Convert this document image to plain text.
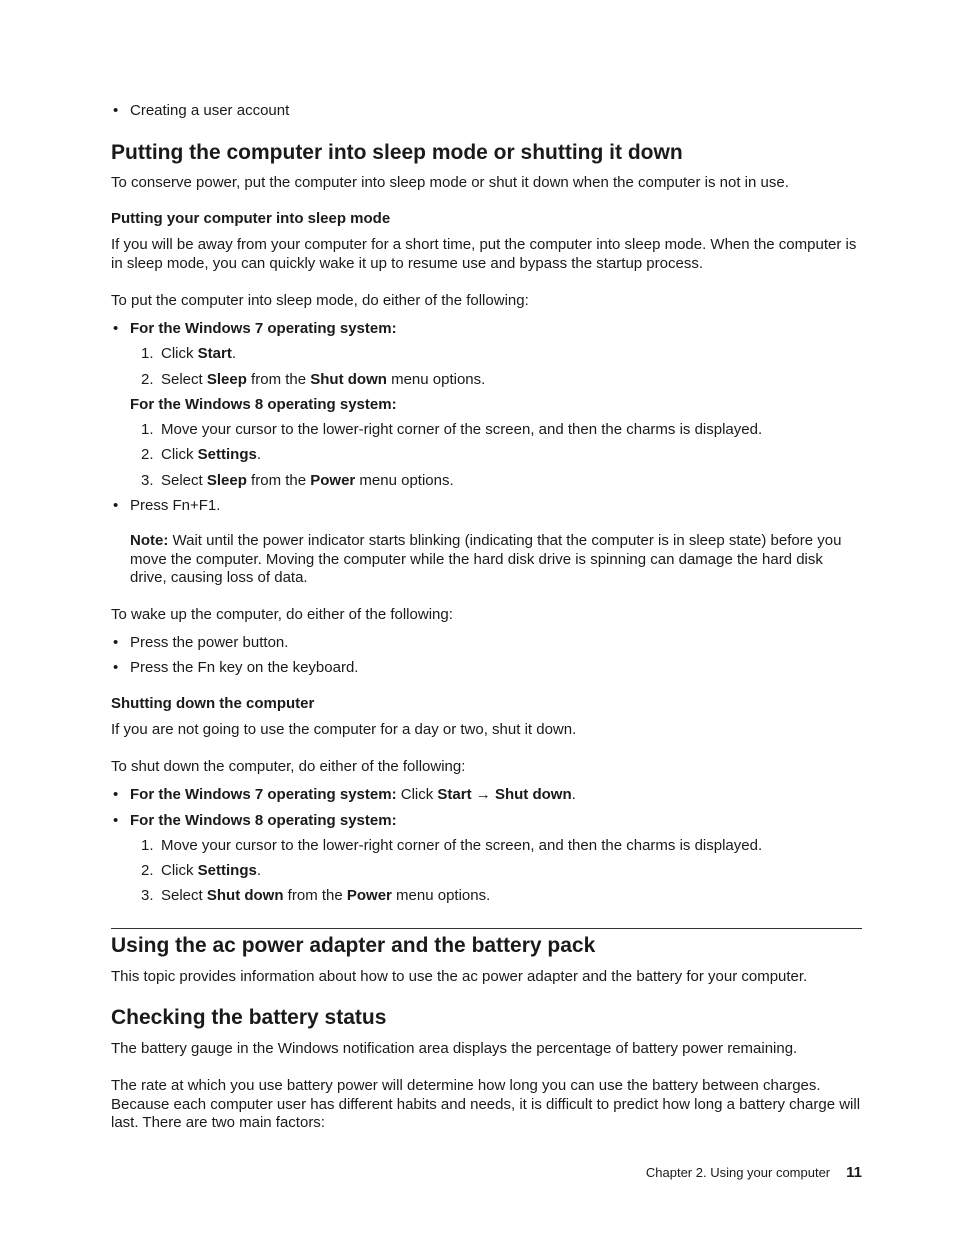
• Creating a user account

Putting the computer into sleep mode or shutting it down

To conserve power, put the computer into sleep mode or shut it down when the computer is not in use.

Putting your computer into sleep mode

If you will be away from your computer for a short time, put the computer into sleep mode. When the computer is in sleep mode, you can quickly wake it up to resume use and bypass the startup process.

To put the computer into sleep mode, do either of the following:

• For the Windows 7 operating system:

1. Click Start.

2. Select Sleep from the Shut down menu options.

For the Windows 8 operating system:

1. Move your cursor to the lower-right corner of the screen, and then the charms is displayed.

2. Click Settings.

3. Select Sleep from the Power menu options.

• Press Fn+F1.

Note: Wait until the power indicator starts blinking (indicating that the computer is in sleep state) before you move the computer. Moving the computer while the hard disk drive is spinning can damage the hard disk drive, causing loss of data.

To wake up the computer, do either of the following:

• Press the power button.

• Press the Fn key on the keyboard.

Shutting down the computer

If you are not going to use the computer for a day or two, shut it down.

To shut down the computer, do either of the following:

• For the Windows 7 operating system: Click Start → Shut down.

• For the Windows 8 operating system:

1. Move your cursor to the lower-right corner of the screen, and then the charms is displayed.

2. Click Settings.

3. Select Shut down from the Power menu options.

Using the ac power adapter and the battery pack

This topic provides information about how to use the ac power adapter and the battery for your computer.

Checking the battery status

The battery gauge in the Windows notification area displays the percentage of battery power remaining.

The rate at which you use battery power will determine how long you can use the battery between charges. Because each computer user has different habits and needs, it is difficult to predict how long a battery charge will last. There are two main factors:

Chapter 2. Using your computer 11
